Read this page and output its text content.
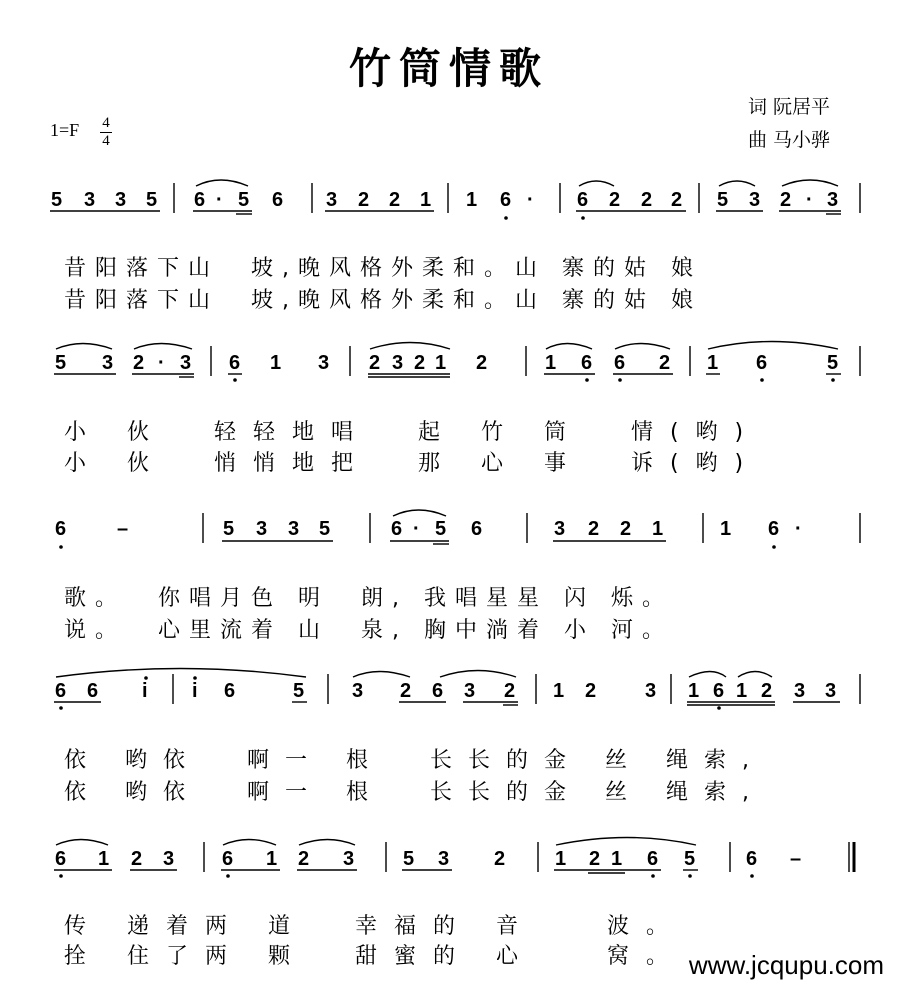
竹筒情歌
词 阮居平
曲 马小骅
1=F 4
4
5 3 3 5 6 · 5 6 3 2 2 1 1 6 · 6 2 2 2 5 3 2 · 3
5 3 2 · 3 6 1 3 2 3 2 1 2	1 6 6 2 1 6	5
6	–	5 3 3 5	6 · 5 6	3 2 2 1	1 6 ·
6 6 i i 6	5 3 2 6 3 2 1 2 3 1 6 1 2 3 3
6 1 2 3 6 1 2 3 5 3 2 1 2 1 6 5	6 –

昔阳落下山  坡,晚风格外柔和。山 寨的姑 娘

昔阳落下山  坡,晚风格外柔和。山 寨的姑 娘

小 伙  轻轻地唱  起 竹 筒  情(哟)

小 伙  悄悄地把  那 心 事  诉(哟)

歌。  你唱月色 明  朗, 我唱星星 闪 烁。

说。  心里流着 山  泉, 胸中淌着 小 河。

依 哟依  啊一 根  长长的金 丝 绳索,

依 哟依  啊一 根  长长的金 丝 绳索,

传 递着两 道  幸福的 音   波。

拴 住了两 颗  甜蜜的 心   窝。 www.jcqupu.com
